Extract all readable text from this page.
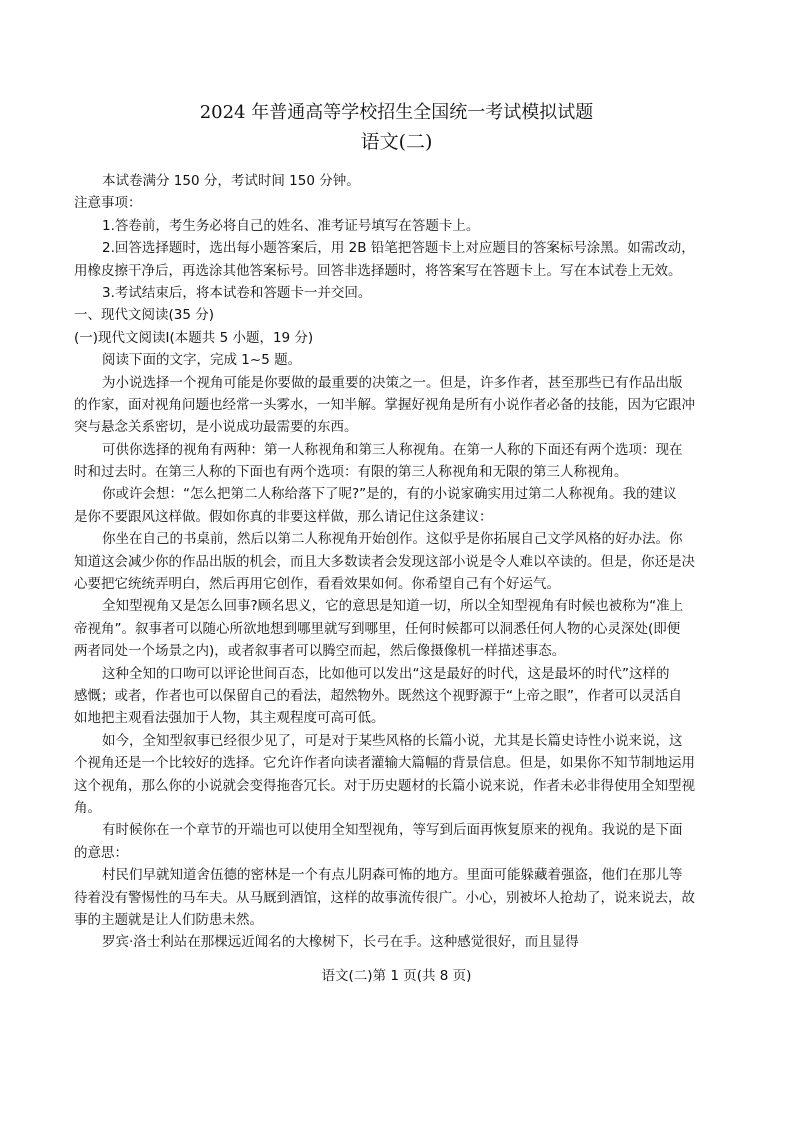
2024 年普通高等学校招生全国统一考试模拟试题
语文(二)
本试卷满分 150 分，考试时间 150 分钟。
注意事项：
1.答卷前，考生务必将自己的姓名、准考证号填写在答题卡上。
2.回答选择题时，选出每小题答案后，用 2B 铅笔把答题卡上对应题目的答案标号涂黑。如需改动，
用橡皮擦干净后，再选涂其他答案标号。回答非选择题时，将答案写在答题卡上。写在本试卷上无效。
3.考试结束后，将本试卷和答题卡一并交回。
一、现代文阅读(35 分)
(一)现代文阅读Ⅰ(本题共 5 小题，19 分)
阅读下面的文字，完成 1~5 题。
为小说选择一个视角可能是你要做的最重要的决策之一。但是，许多作者，甚至那些已有作品出版
的作家，面对视角问题也经常一头雾水，一知半解。掌握好视角是所有小说作者必备的技能，因为它跟冲
突与悬念关系密切，是小说成功最需要的东西。
可供你选择的视角有两种：第一人称视角和第三人称视角。在第一人称的下面还有两个选项：现在
时和过去时。在第三人称的下面也有两个选项：有限的第三人称视角和无限的第三人称视角。
你或许会想：“怎么把第二人称给落下了呢?”是的，有的小说家确实用过第二人称视角。我的建议
是你不要跟风这样做。假如你真的非要这样做，那么请记住这条建议：
你坐在自己的书桌前，然后以第二人称视角开始创作。这似乎是你拓展自己文学风格的好办法。你
知道这会减少你的作品出版的机会，而且大多数读者会发现这部小说是令人难以卒读的。但是，你还是决
心要把它统统弄明白，然后再用它创作，看看效果如何。你希望自己有个好运气。
全知型视角又是怎么回事?顾名思义，它的意思是知道一切，所以全知型视角有时候也被称为“准上
帝视角”。叙事者可以随心所欲地想到哪里就写到哪里，任何时候都可以洞悉任何人物的心灵深处(即便
两者同处一个场景之内)，或者叙事者可以腾空而起，然后像摄像机一样描述事态。
这种全知的口吻可以评论世间百态，比如他可以发出“这是最好的时代，这是最坏的时代”这样的
感慨；或者，作者也可以保留自己的看法，超然物外。既然这个视野源于“上帝之眼”，作者可以灵活自
如地把主观看法强加于人物，其主观程度可高可低。
如今，全知型叙事已经很少见了，可是对于某些风格的长篇小说，尤其是长篇史诗性小说来说，这
个视角还是一个比较好的选择。它允许作者向读者灌输大篇幅的背景信息。但是，如果你不知节制地运用
这个视角，那么你的小说就会变得拖沓冗长。对于历史题材的长篇小说来说，作者未必非得使用全知型视
角。
有时候你在一个章节的开端也可以使用全知型视角，等写到后面再恢复原来的视角。我说的是下面
的意思：
村民们早就知道舍伍德的密林是一个有点儿阴森可怖的地方。里面可能躲藏着强盗，他们在那儿等
待着没有警惕性的马车夫。从马厩到酒馆，这样的故事流传很广。小心，别被坏人抢劫了，说来说去，故
事的主题就是让人们防患未然。
罗宾·洛士利站在那棵远近闻名的大橡树下，长弓在手。这种感觉很好，而且显得
语文(二)第 1 页(共 8 页)
